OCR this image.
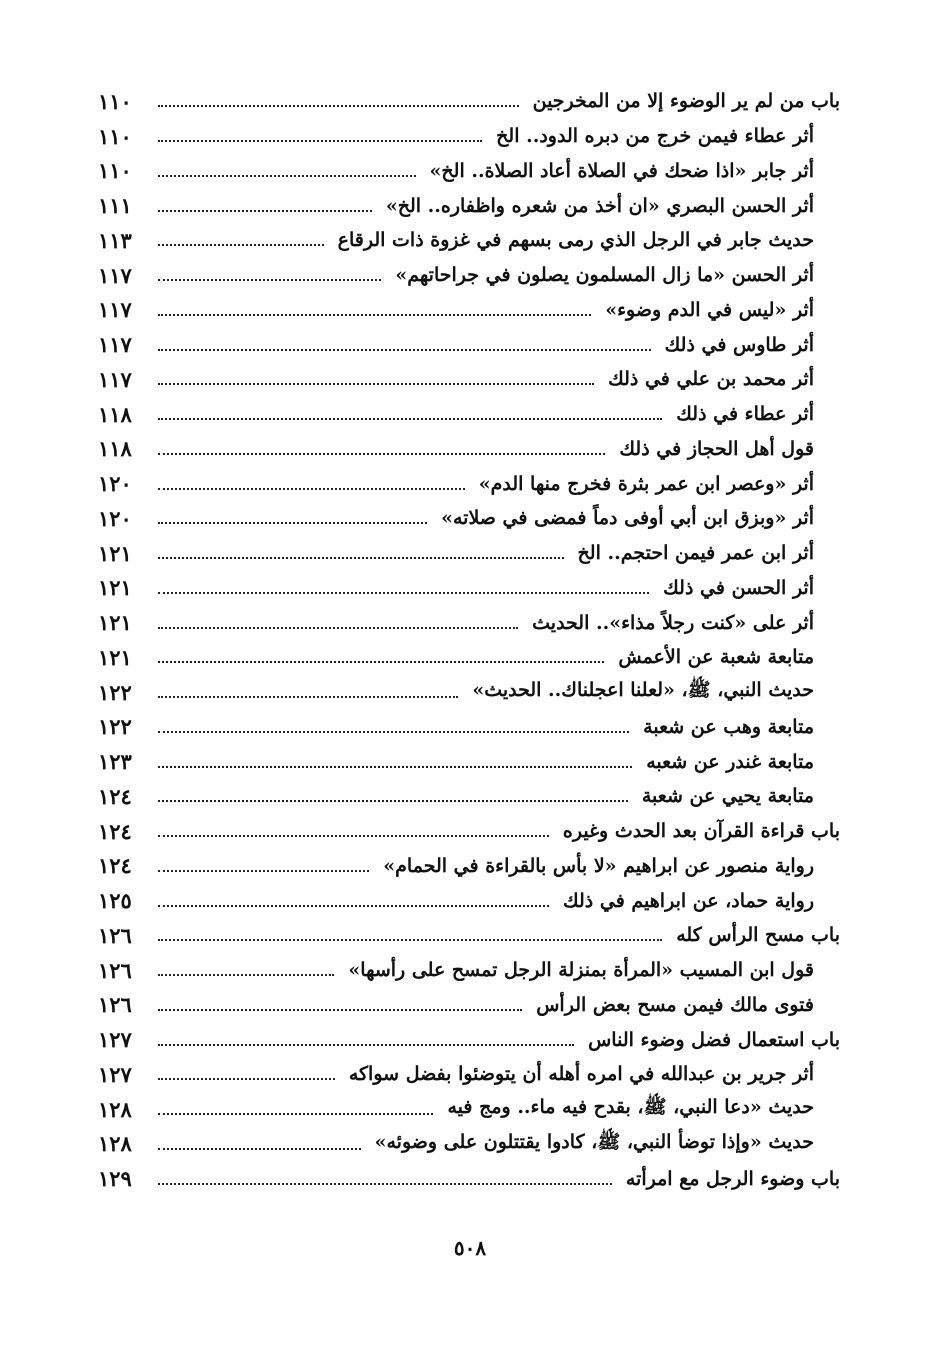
١١٠	باب من لم ير الوضوء إلا من المخرجين
١١٠	أثر عطاء فيمن خرج من دبره الدود.. الخ
١١٠	أثر جابر «اذا ضحك في الصلاة أعاد الصلاة.. الخ»
١١١	أثر الحسن البصري «ان أخذ من شعره واظفاره.. الخ»
١١٣	حديث جابر في الرجل الذي رمى بسهم في غزوة ذات الرقاع
١١٧	أثر الحسن «ما زال المسلمون يصلون في جراحاتهم»
١١٧	أثر «ليس في الدم وضوء»
١١٧	أثر طاوس في ذلك
١١٧	أثر محمد بن علي في ذلك
١١٨	أثر عطاء في ذلك
١١٨	قول أهل الحجاز في ذلك
١٢٠	أثر «وعصر ابن عمر بثرة فخرج منها الدم»
١٢٠	أثر «وبزق ابن أبي أوفى دماً فمضى في صلاته»
١٢١	أثر ابن عمر فيمن احتجم.. الخ
١٢١	أثر الحسن في ذلك
١٢١	أثر على «كنت رجلاً مذاء».. الحديث
١٢١	متابعة شعبة عن الأعمش
١٢٢	حديث النبي، ﷺ، «لعلنا اعجلناك.. الحديث»
١٢٢	متابعة وهب عن شعبة
١٢٣	متابعة غندر عن شعبه
١٢٤	متابعة يحيي عن شعبة
١٢٤	باب قراءة القرآن بعد الحدث وغيره
١٢٤	رواية منصور عن ابراهيم «لا بأس بالقراءة في الحمام»
١٢٥	رواية حماد، عن ابراهيم في ذلك
١٢٦	باب مسح الرأس كله
١٢٦	قول ابن المسيب «المرأة بمنزلة الرجل تمسح على رأسها»
١٢٦	فتوى مالك فيمن مسح بعض الرأس
١٢٧	باب استعمال فضل وضوء الناس
١٢٧	أثر جرير بن عبدالله في امره أهله أن يتوضئوا بفضل سواكه
١٢٨	حديث «دعا النبي، ﷺ، بقدح فيه ماء.. ومج فيه
١٢٨	حديث «وإذا توضأ النبي، ﷺ، كادوا يقتتلون على وضوئه»
١٢٩	باب وضوء الرجل مع امرأته
٥٠٨
